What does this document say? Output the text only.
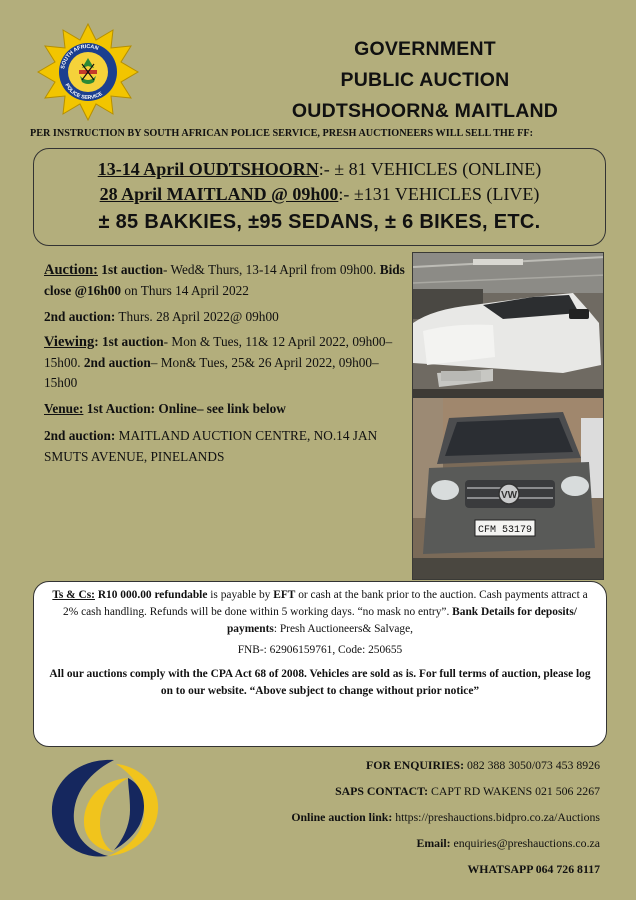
SOUTH AFRICAN
POLICE SERVICE
GOVERNMENT
PUBLIC AUCTION
OUDTSHOORN& MAITLAND
PER INSTRUCTION BY SOUTH AFRICAN POLICE SERVICE, PRESH AUCTIONEERS WILL SELL THE FF:
13-14 April OUDTSHOORN:- ± 81 VEHICLES (ONLINE)
28 April MAITLAND @ 09h00:- ±131 VEHICLES (LIVE)
± 85 BAKKIES, ±95 SEDANS, ± 6 BIKES, ETC.

Auction: 1st auction- Wed& Thurs, 13-14 April from 09h00. Bids close @16h00 on Thurs 14 April 2022

2nd auction: Thurs. 28 April 2022@ 09h00

Viewing: 1st auction- Mon & Tues, 11& 12 April 2022, 09h00–15h00. 2nd auction– Mon& Tues, 25& 26 April 2022, 09h00–15h00

Venue: 1st Auction: Online– see link below

2nd auction: MAITLAND AUCTION CENTRE, NO.14 JAN SMUTS AVENUE, PINELANDS

VW
CFM 53179
Ts & Cs: R10 000.00 refundable is payable by EFT or cash at the bank prior to the auction. Cash payments attract a 2% cash handling. Refunds will be done within 5 working days. “no mask no entry”. Bank Details for deposits/ payments: Presh Auctioneers& Salvage,
FNB-: 62906159761, Code: 250655
All our auctions comply with the CPA Act 68 of 2008. Vehicles are sold as is. For full terms of auction, please log on to our website. “Above subject to change without prior notice”
FOR ENQUIRIES: 082 388 3050/073 453 8926
SAPS CONTACT: CAPT RD WAKENS 021 506 2267
Online auction link: https://preshauctions.bidpro.co.za/Auctions
Email: enquiries@preshauctions.co.za
WHATSAPP 064 726 8117
